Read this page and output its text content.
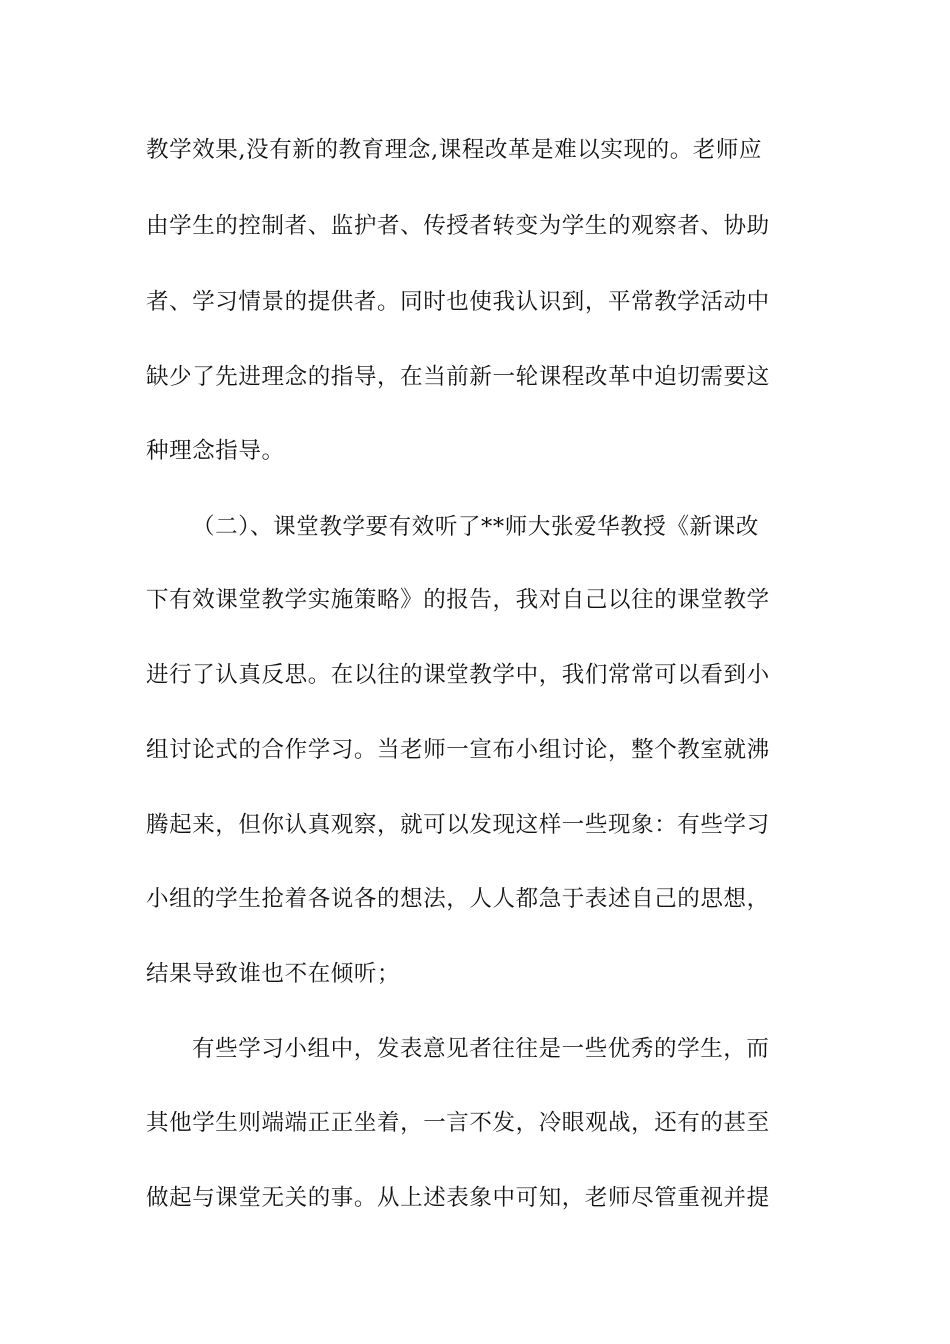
教学效果,没有新的教育理念,课程改革是难以实现的。老师应
由学生的控制者、监护者、传授者转变为学生的观察者、协助
者、学习情景的提供者。同时也使我认识到，平常教学活动中
缺少了先进理念的指导，在当前新一轮课程改革中迫切需要这
种理念指导。
（二）、课堂教学要有效听了**师大张爱华教授《新课改
下有效课堂教学实施策略》的报告，我对自己以往的课堂教学
进行了认真反思。在以往的课堂教学中，我们常常可以看到小
组讨论式的合作学习。当老师一宣布小组讨论，整个教室就沸
腾起来，但你认真观察，就可以发现这样一些现象：有些学习
小组的学生抢着各说各的想法，人人都急于表述自己的思想，
结果导致谁也不在倾听；
有些学习小组中，发表意见者往往是一些优秀的学生，而
其他学生则端端正正坐着，一言不发，冷眼观战，还有的甚至
做起与课堂无关的事。从上述表象中可知，老师尽管重视并提
